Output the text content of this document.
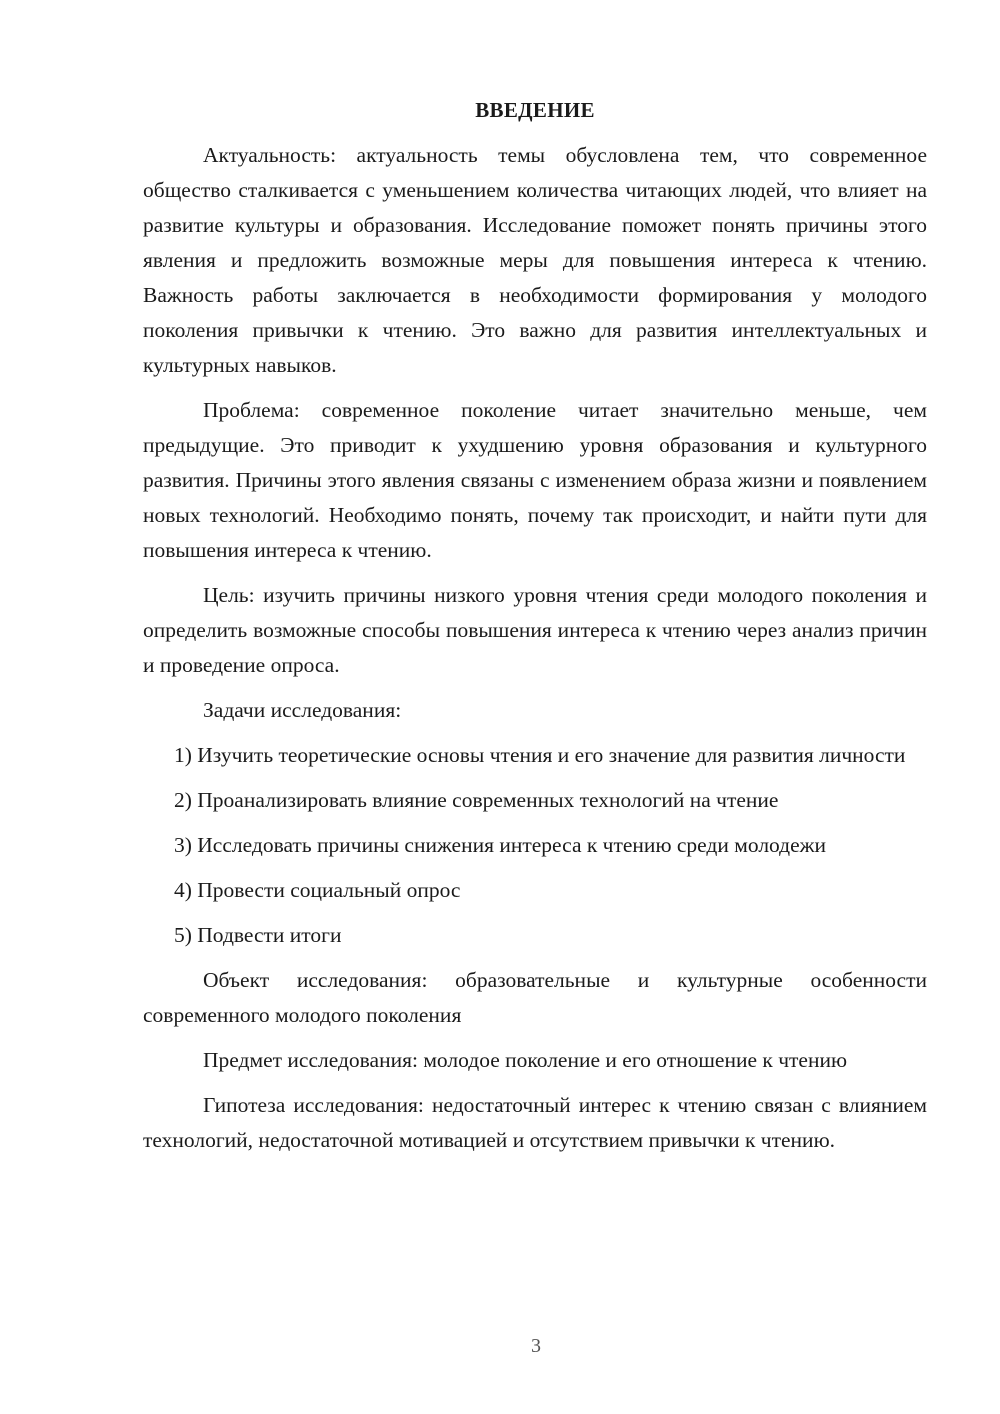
ВВЕДЕНИЕ

Актуальность: актуальность темы обусловлена тем, что современное общество сталкивается с уменьшением количества читающих людей, что влияет на развитие культуры и образования. Исследование поможет понять причины этого явления и предложить возможные меры для повышения интереса к чтению. Важность работы заключается в необходимости формирования у молодого поколения привычки к чтению. Это важно для развития интеллектуальных и культурных навыков.

Проблема: современное поколение читает значительно меньше, чем предыдущие. Это приводит к ухудшению уровня образования и культурного развития. Причины этого явления связаны с изменением образа жизни и появлением новых технологий. Необходимо понять, почему так происходит, и найти пути для повышения интереса к чтению.

Цель: изучить причины низкого уровня чтения среди молодого поколения и определить возможные способы повышения интереса к чтению через анализ причин и проведение опроса.

Задачи исследования:

1) Изучить теоретические основы чтения и его значение для развития личности

2) Проанализировать влияние современных технологий на чтение

3) Исследовать причины снижения интереса к чтению среди молодежи

4) Провести социальный опрос

5) Подвести итоги

Объект исследования: образовательные и культурные особенности современного молодого поколения

Предмет исследования: молодое поколение и его отношение к чтению

Гипотеза исследования: недостаточный интерес к чтению связан с влиянием технологий, недостаточной мотивацией и отсутствием привычки к чтению.

3
